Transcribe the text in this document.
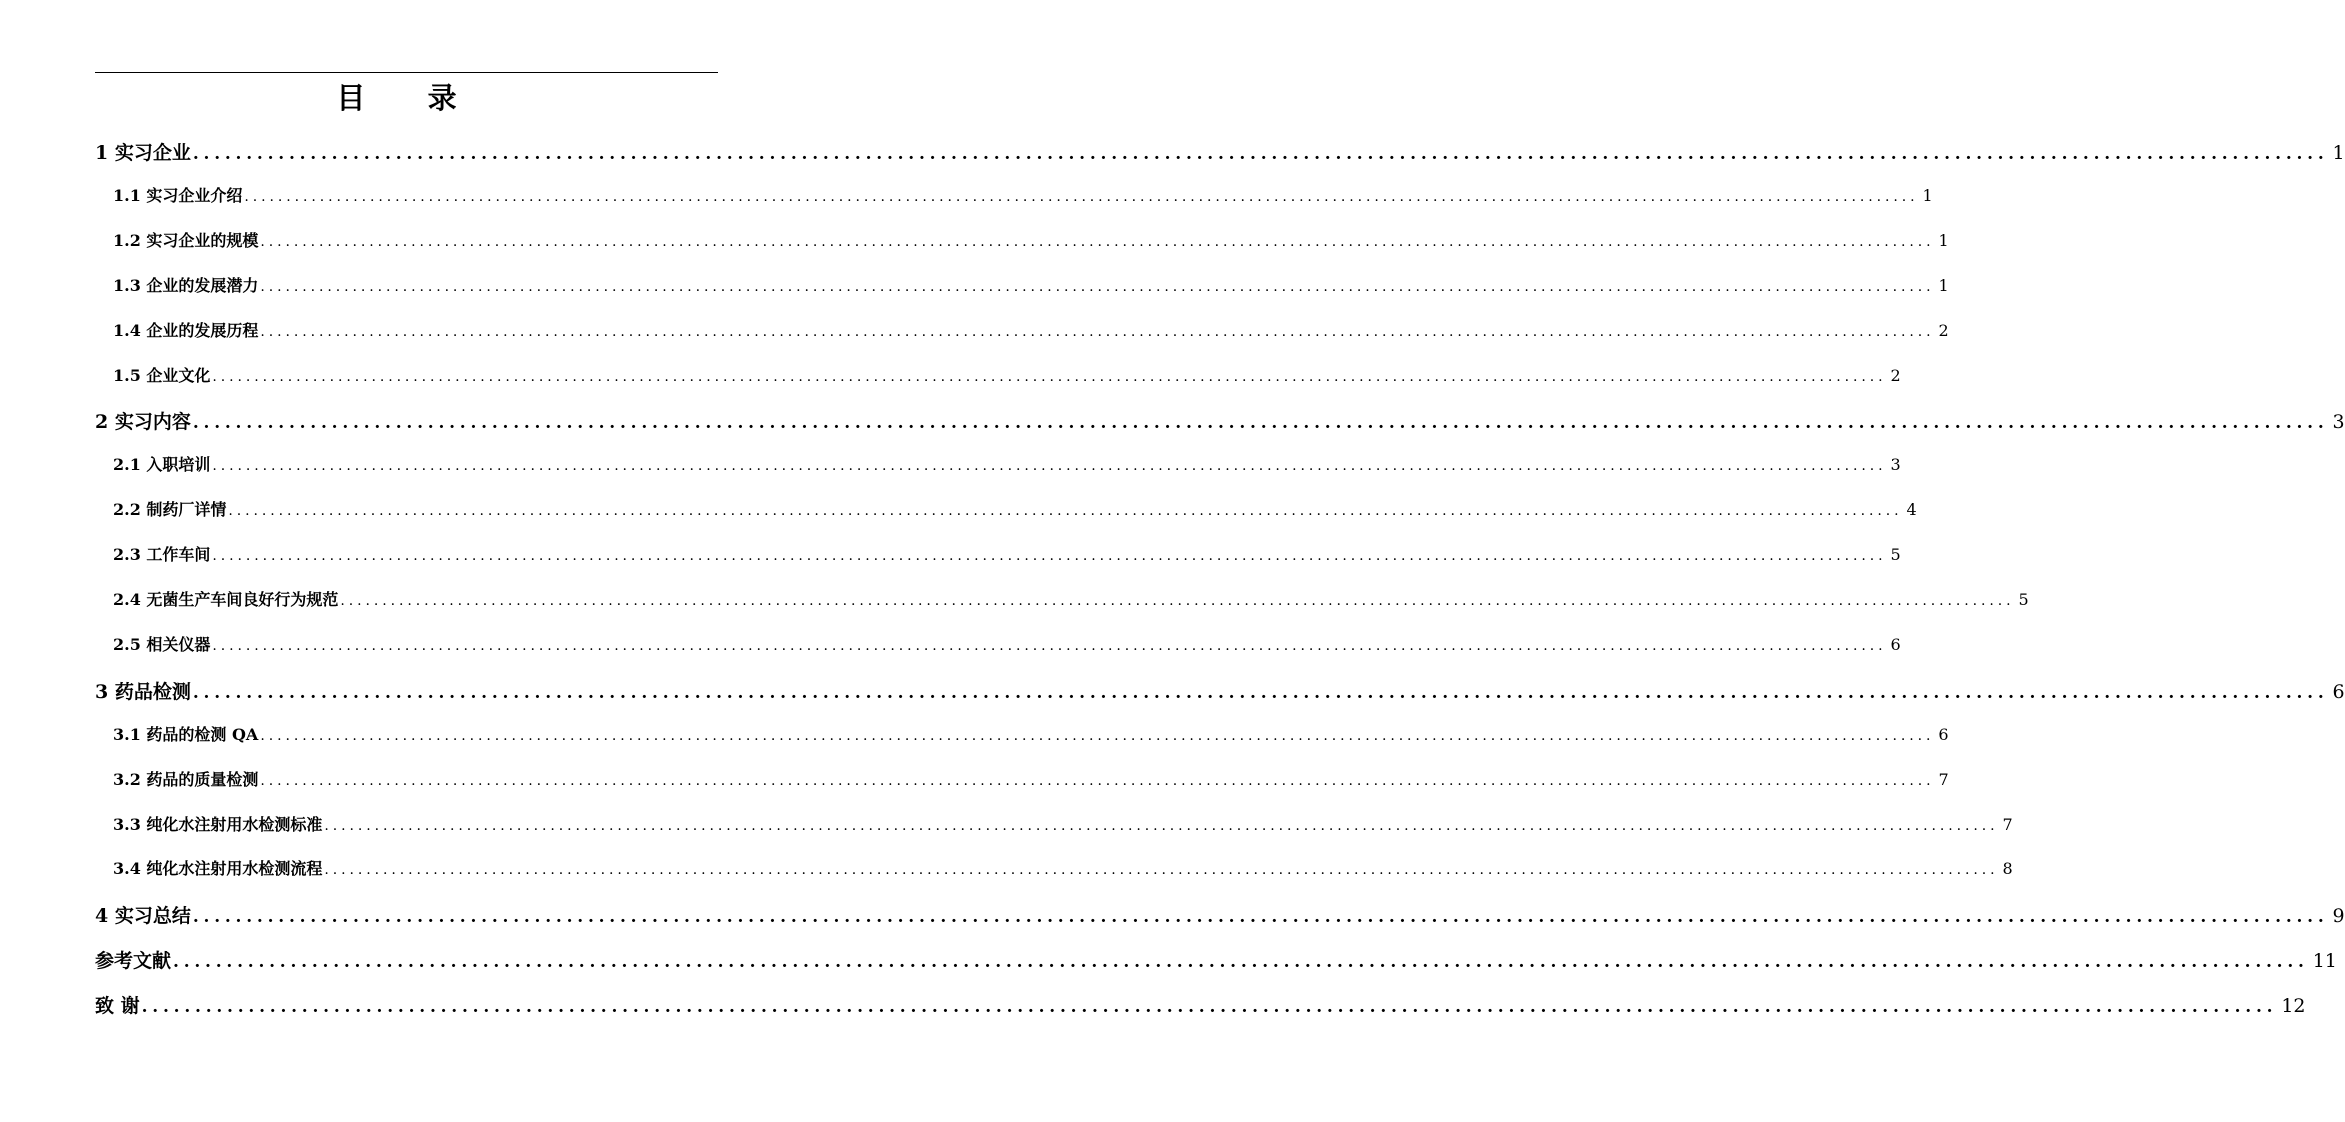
目 录
1 实习企业 ........................................................................................................................................................................................................ 1
1.1 实习企业介绍 ........................................................................................................................................................................................................ 1
1.2 实习企业的规模 ........................................................................................................................................................................................................ 1
1.3 企业的发展潜力 ........................................................................................................................................................................................................ 1
1.4 企业的发展历程 ........................................................................................................................................................................................................ 2
1.5 企业文化 ........................................................................................................................................................................................................ 2
2 实习内容 ........................................................................................................................................................................................................ 3
2.1 入职培训 ........................................................................................................................................................................................................ 3
2.2 制药厂详情 ........................................................................................................................................................................................................ 4
2.3 工作车间 ........................................................................................................................................................................................................ 5
2.4 无菌生产车间良好行为规范 ........................................................................................................................................................................................................ 5
2.5 相关仪器 ........................................................................................................................................................................................................ 6
3 药品检测 ........................................................................................................................................................................................................ 6
3.1 药品的检测 QA ........................................................................................................................................................................................................ 6
3.2 药品的质量检测 ........................................................................................................................................................................................................ 7
3.3 纯化水注射用水检测标准 ........................................................................................................................................................................................................ 7
3.4 纯化水注射用水检测流程 ........................................................................................................................................................................................................ 8
4 实习总结 ........................................................................................................................................................................................................ 9
参考文献 ........................................................................................................................................................................................................ 11
致 谢 ........................................................................................................................................................................................................ 12
